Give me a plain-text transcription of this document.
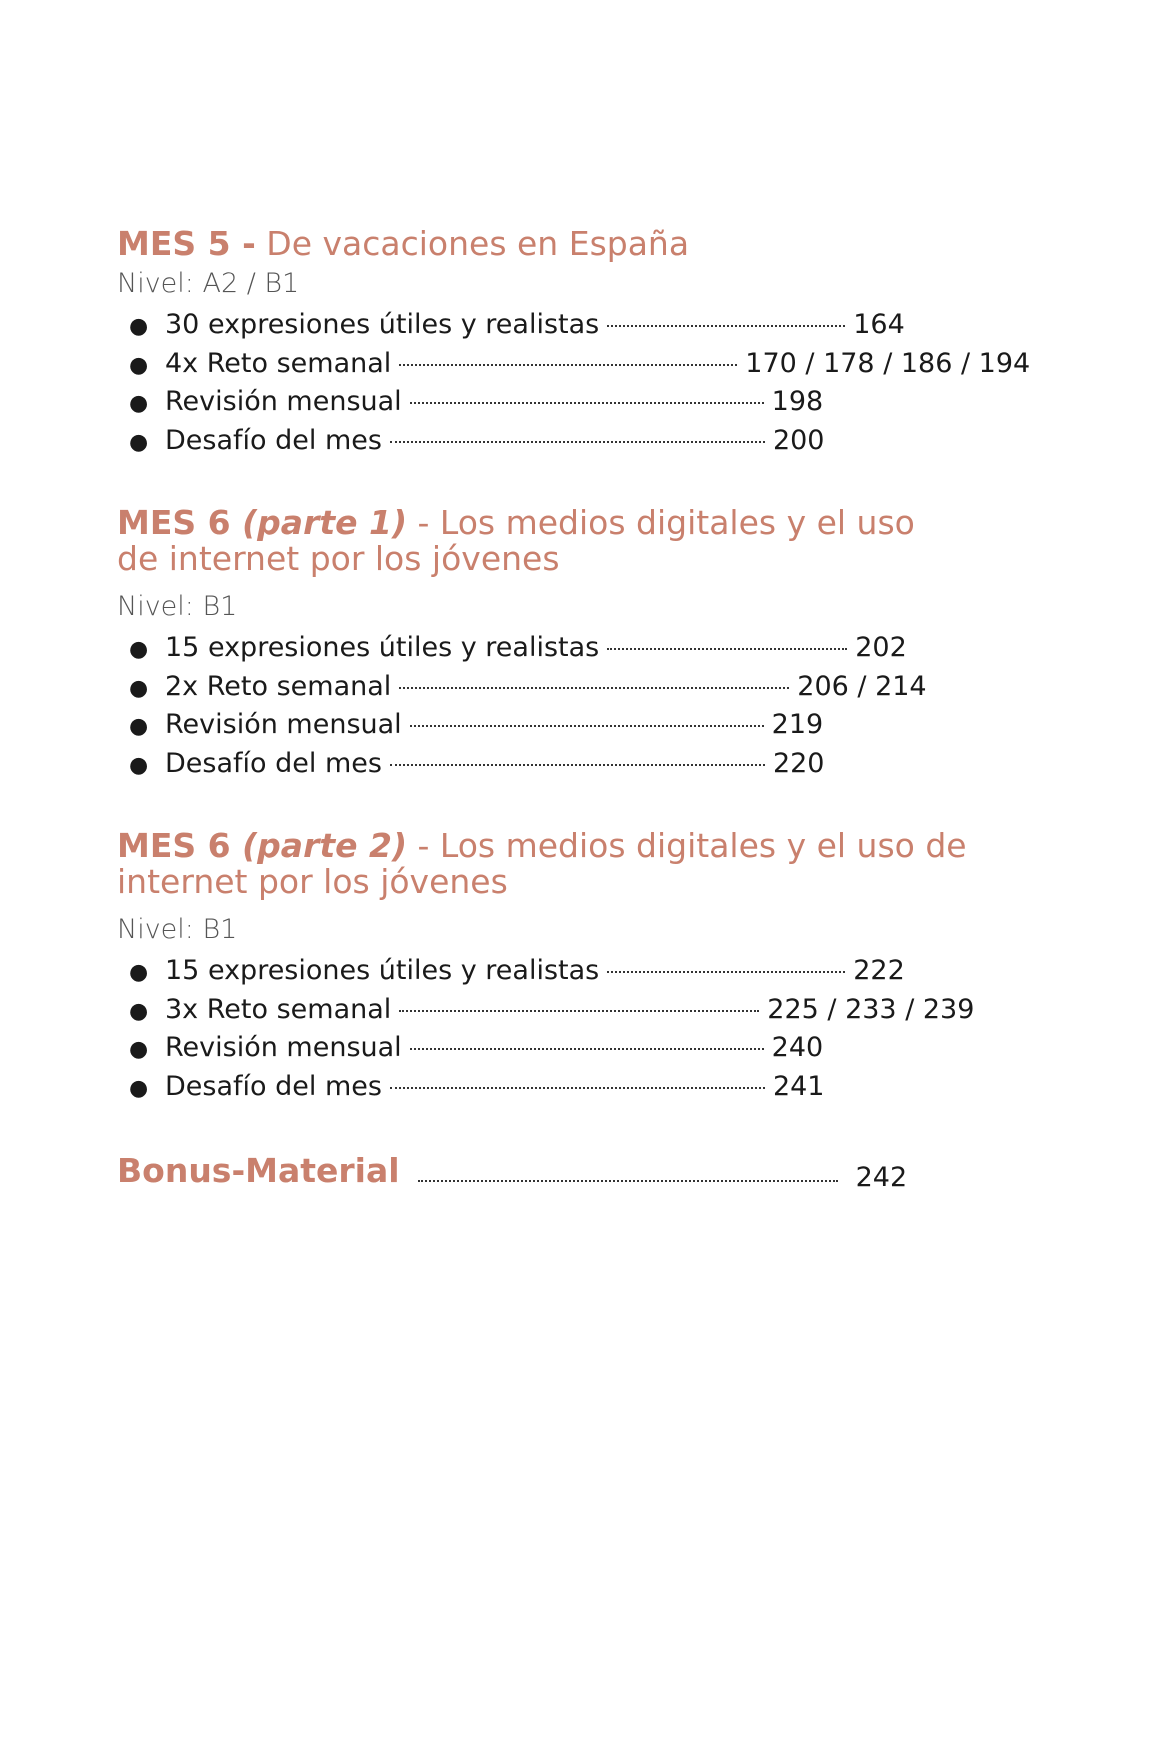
MES 5 - De vacaciones en España
Nivel: A2 / B1
● 30 expresiones útiles y realistas	164
● 4x Reto semanal	170 / 178 / 186 / 194
● Revisión mensual	198
● Desafío del mes	200
MES 6 (parte 1) - Los medios digitales y el uso de internet por los jóvenes
Nivel: B1
● 15 expresiones útiles y realistas	202
● 2x Reto semanal	206 / 214
● Revisión mensual	219
● Desafío del mes	220
MES 6 (parte 2) - Los medios digitales y el uso de internet por los jóvenes
Nivel: B1
● 15 expresiones útiles y realistas	222
● 3x Reto semanal	225 / 233 / 239
● Revisión mensual	240
● Desafío del mes	241
Bonus-Material	242
